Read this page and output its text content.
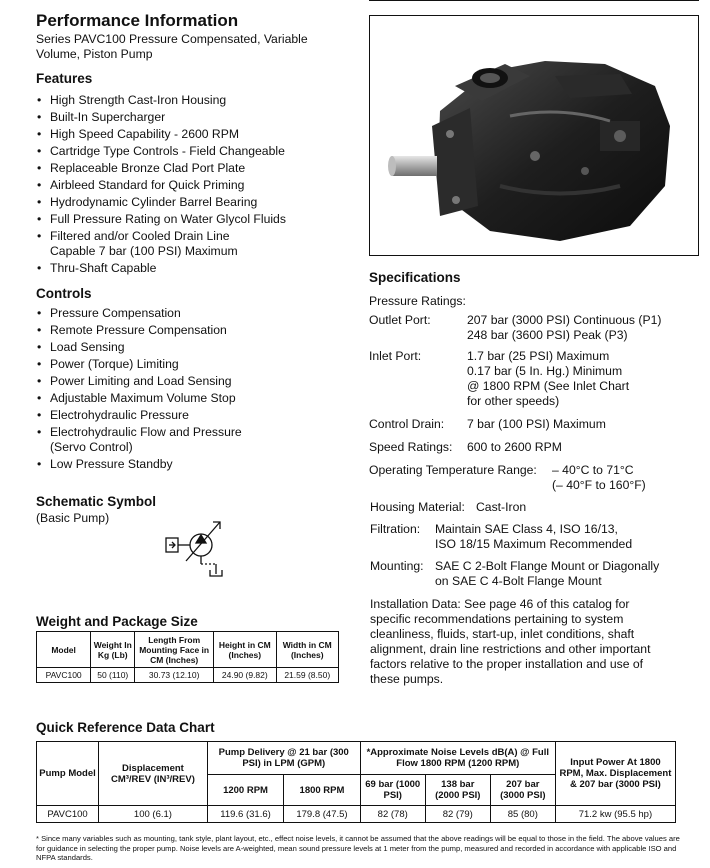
Performance Information
Series PAVC100 Pressure Compensated, Variable Volume, Piston Pump
Features
• High Strength Cast-Iron Housing
• Built-In Supercharger
• High Speed Capability - 2600 RPM
• Cartridge Type Controls - Field Changeable
• Replaceable Bronze Clad Port Plate
• Airbleed Standard for Quick Priming
• Hydrodynamic Cylinder Barrel Bearing
• Full Pressure Rating on Water Glycol Fluids
• Filtered and/or Cooled Drain Line Capable 7 bar (100 PSI) Maximum
• Thru-Shaft Capable
Controls
• Pressure Compensation
• Remote Pressure Compensation
• Load Sensing
• Power (Torque) Limiting
• Power Limiting and Load Sensing
• Adjustable Maximum Volume Stop
• Electrohydraulic Pressure
• Electrohydraulic Flow and Pressure (Servo Control)
• Low Pressure Standby
Schematic Symbol
(Basic Pump)
Specifications
Pressure Ratings:
Outlet Port:	207 bar (3000 PSI) Continuous (P1)
248 bar (3600 PSI) Peak (P3)
Inlet Port:	1.7 bar (25 PSI) Maximum
0.17 bar (5 In. Hg.) Minimum
@ 1800 RPM (See Inlet Chart
for other speeds)
Control Drain: 7 bar (100 PSI) Maximum
Speed Ratings: 600 to 2600 RPM
Operating Temperature Range: – 40°C to 71°C
(– 40°F to 160°F)
Housing Material: Cast-Iron
Filtration: Maintain SAE Class 4, ISO 16/13,
ISO 18/15 Maximum Recommended
Mounting: SAE C 2-Bolt Flange Mount or Diagonally
on SAE C 4-Bolt Flange Mount
Installation Data: See page 46 of this catalog for specific recommendations pertaining to system cleanliness, fluids, start-up, inlet conditions, shaft alignment, drain line restrictions and other important factors relative to the proper installation and use of these pumps.
Weight and Package Size
Model	Weight In Kg (Lb)	Length From Mounting Face in CM (Inches)	Height in CM (Inches)	Width in CM (Inches)
PAVC100	50 (110)	30.73 (12.10)	24.90 (9.82)	21.59 (8.50)
Quick Reference Data Chart
Pump Model	Displacement CM³/REV (IN³/REV)	Pump Delivery @ 21 bar (300 PSI) in LPM (GPM)		*Approximate Noise Levels dB(A) @ Full Flow 1800 RPM (1200 RPM)			Input Power At 1800 RPM, Max. Displacement & 207 bar (3000 PSI)
		1200 RPM	1800 RPM	69 bar (1000 PSI)	138 bar (2000 PSI)	207 bar (3000 PSI)	
PAVC100	100 (6.1)	119.6 (31.6)	179.8 (47.5)	82 (78)	82 (79)	85 (80)	71.2 kw (95.5 hp)
* Since many variables such as mounting, tank style, plant layout, etc., effect noise levels, it cannot be assumed that the above readings will be equal to those in the field. The above values are for guidance in selecting the proper pump. Noise levels are A-weighted, mean sound pressure levels at 1 meter from the pump, measured and recorded in accordance with applicable ISO and NFPA standards.
